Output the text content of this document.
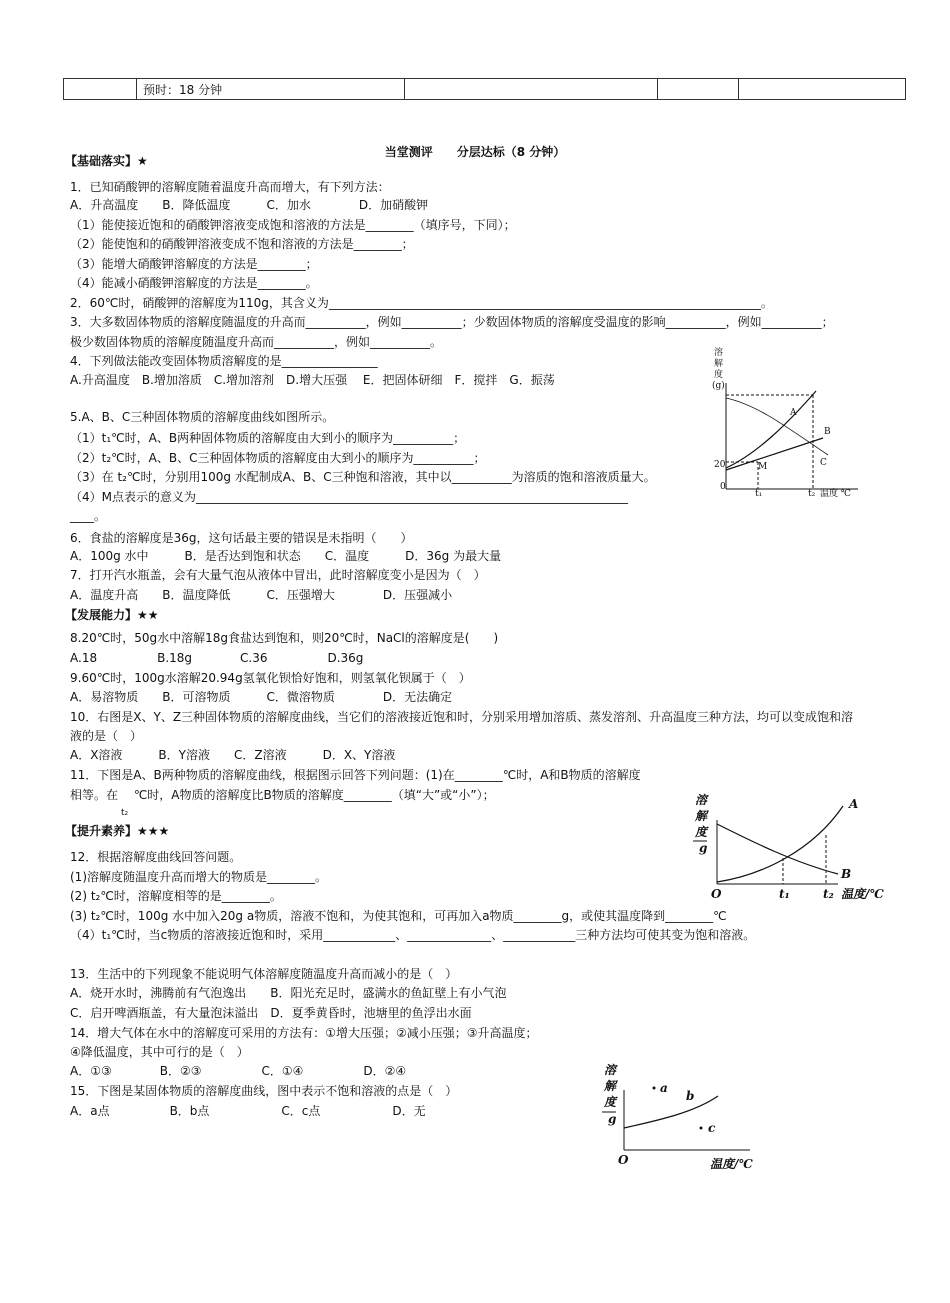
	预时：18 分钟			
当堂测评　　分层达标（8 分钟）
【基础落实】★
1．已知硝酸钾的溶解度随着温度升高而增大，有下列方法：
A．升高温度　　B．降低温度　　　C．加水　　　　D．加硝酸钾
（1）能使接近饱和的硝酸钾溶液变成饱和溶液的方法是________（填序号，下同）；
（2）能使饱和的硝酸钾溶液变成不饱和溶液的方法是________；
（3）能增大硝酸钾溶解度的方法是________；
（4）能减小硝酸钾溶解度的方法是________。
2．60℃时，硝酸钾的溶解度为110g，其含义为________________________________________________________________________。
3．大多数固体物质的溶解度随温度的升高而__________，例如__________；少数固体物质的溶解度受温度的影响__________，例如__________；
极少数固体物质的溶解度随温度升高而__________，例如__________。
4．下列做法能改变固体物质溶解度的是________________
A.升高温度　B.增加溶质　C.增加溶剂　D.增大压强　 E．把固体研细　F．搅拌　G．振荡
5.A、B、C三种固体物质的溶解度曲线如图所示。
（1）t₁℃时，A、B两种固体物质的溶解度由大到小的顺序为__________；
（2）t₂℃时，A、B、C三种固体物质的溶解度由大到小的顺序为__________；
（3）在 t₂℃时，分别用100g 水配制成A、B、C三种饱和溶液，其中以__________为溶质的饱和溶液质量大。
（4）M点表示的意义为________________________________________________________________________
____。
6．食盐的溶解度是36g，这句话最主要的错误是未指明（　　）
A．100g 水中　　　B．是否达到饱和状态　　C．温度　　　D．36g 为最大量
7．打开汽水瓶盖，会有大量气泡从液体中冒出，此时溶解度变小是因为（　）
A．温度升高　　B．温度降低　　　C．压强增大　　　　D．压强减小
【发展能力】★★
8.20℃时，50g水中溶解18g食盐达到饱和，则20℃时，NaCl的溶解度是(　　)
A.18　　　　　B.18g　　　　C.36　　　　　D.36g
9.60℃时，100g水溶解20.94g氢氧化钡恰好饱和，则氢氧化钡属于（　）
A．易溶物质　　B．可溶物质　　　C．微溶物质　　　　D．无法确定
10．右图是X、Y、Z三种固体物质的溶解度曲线，当它们的溶液接近饱和时，分别采用增加溶质、蒸发溶剂、升高温度三种方法，均可以变成饱和溶
液的是（　）
A．X溶液　　　B．Y溶液　　C．Z溶液　　　D．X、Y溶液
11．下图是A、B两种物质的溶解度曲线，根据图示回答下列问题：(1)在________℃时，A和B物质的溶解度
相等。在　 ℃时，A物质的溶解度比B物质的溶解度________（填“大”或“小”）；
【提升素养】★★★
12．根据溶解度曲线回答问题。
(1)溶解度随温度升高而增大的物质是________。
(2) t₂℃时，溶解度相等的是________。
(3) t₂℃时，100g 水中加入20g a物质，溶液不饱和，为使其饱和，可再加入a物质________g，或使其温度降到________℃
（4）t₁℃时，当c物质的溶液接近饱和时，采用____________、______________、____________三种方法均可使其变为饱和溶液。
13．生活中的下列现象不能说明气体溶解度随温度升高而减小的是（　）
A．烧开水时，沸腾前有气泡逸出　　B．阳光充足时，盛满水的鱼缸壁上有小气泡
C．启开啤酒瓶盖，有大量泡沫溢出　D．夏季黄昏时，池塘里的鱼浮出水面
14．增大气体在水中的溶解度可采用的方法有：①增大压强；②减小压强；③升高温度；
④降低温度，其中可行的是（　）
A．①③　　　　B．②③　　　　　C．①④　　　　　D．②④
15．下图是某固体物质的溶解度曲线，图中表示不饱和溶液的点是（　）
A．a点　　　　　B．b点　　　　　　C．c点　　　　　　D．无
t₂
溶
解
度
(g)
20
0
t₁	t₂ 温度 ℃
A
B
C
M
溶
解
度
g
O	t₁	t₂ 温度/℃
A
B
溶
解
度
g
O	温度/℃
a
b
c
